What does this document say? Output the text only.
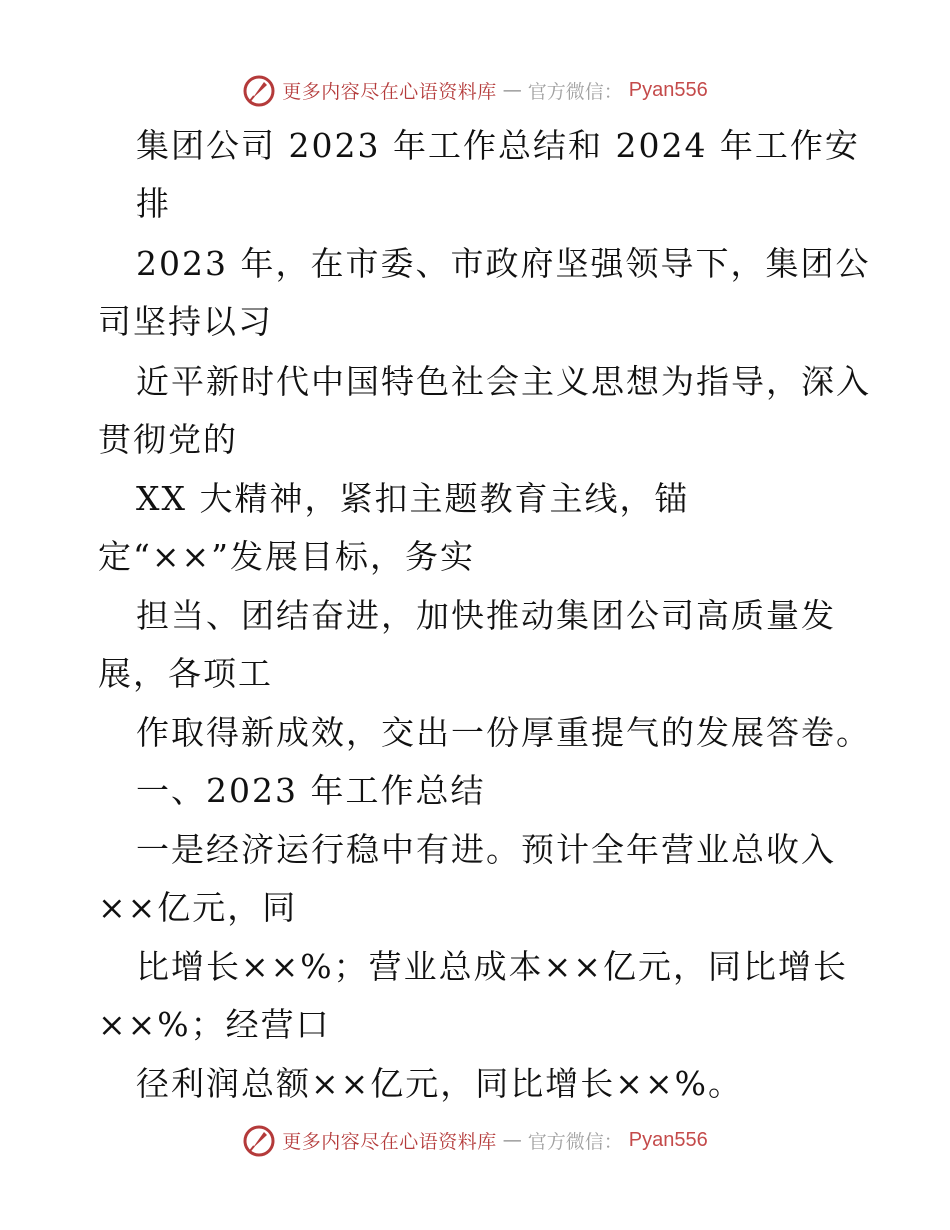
更多内容尽在心语资料库 — 官方微信： Pyan556
集团公司 2023 年工作总结和 2024 年工作安
排
2023 年，在市委、市政府坚强领导下，集团公
司坚持以习
近平新时代中国特色社会主义思想为指导，深入
贯彻党的
XX 大精神，紧扣主题教育主线，锚
定“××”发展目标，务实
担当、团结奋进，加快推动集团公司高质量发
展，各项工
作取得新成效，交出一份厚重提气的发展答卷。
一、2023 年工作总结
一是经济运行稳中有进。预计全年营业总收入
××亿元，同
比增长××%；营业总成本××亿元，同比增长
××%；经营口
径利润总额××亿元，同比增长××%。
更多内容尽在心语资料库 — 官方微信： Pyan556
